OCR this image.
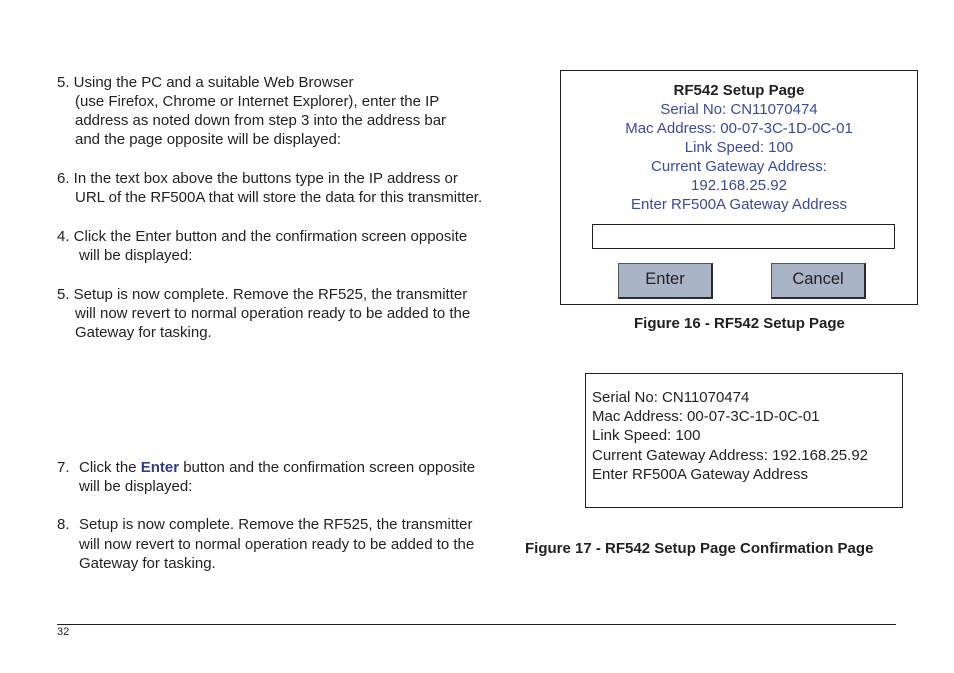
5. Using the PC and a suitable Web Browser
(use Firefox, Chrome or Internet Explorer), enter the IP
address as noted down from step 3 into the address bar
and the page opposite will be displayed:
6. In the text box above the buttons type in the IP address or
URL of the RF500A that will store the data for this transmitter.
4. Click the Enter button and the confirmation screen opposite
will be displayed:
5. Setup is now complete. Remove the RF525, the transmitter
will now revert to normal operation ready to be added to the
Gateway for tasking.
7. Click the Enter button and the confirmation screen opposite
will be displayed:
8. Setup is now complete. Remove the RF525, the transmitter
will now revert to normal operation ready to be added to the
Gateway for tasking.
RF542 Setup Page
Serial No: CN11070474
Mac Address: 00-07-3C-1D-0C-01
Link Speed: 100
Current Gateway Address:
192.168.25.92
Enter RF500A Gateway Address
Enter	Cancel
Figure 16 - RF542 Setup Page
Serial No: CN11070474
Mac Address: 00-07-3C-1D-0C-01
Link Speed: 100
Current Gateway Address: 192.168.25.92
Enter RF500A Gateway Address
Figure 17 - RF542 Setup Page Confirmation Page
32
